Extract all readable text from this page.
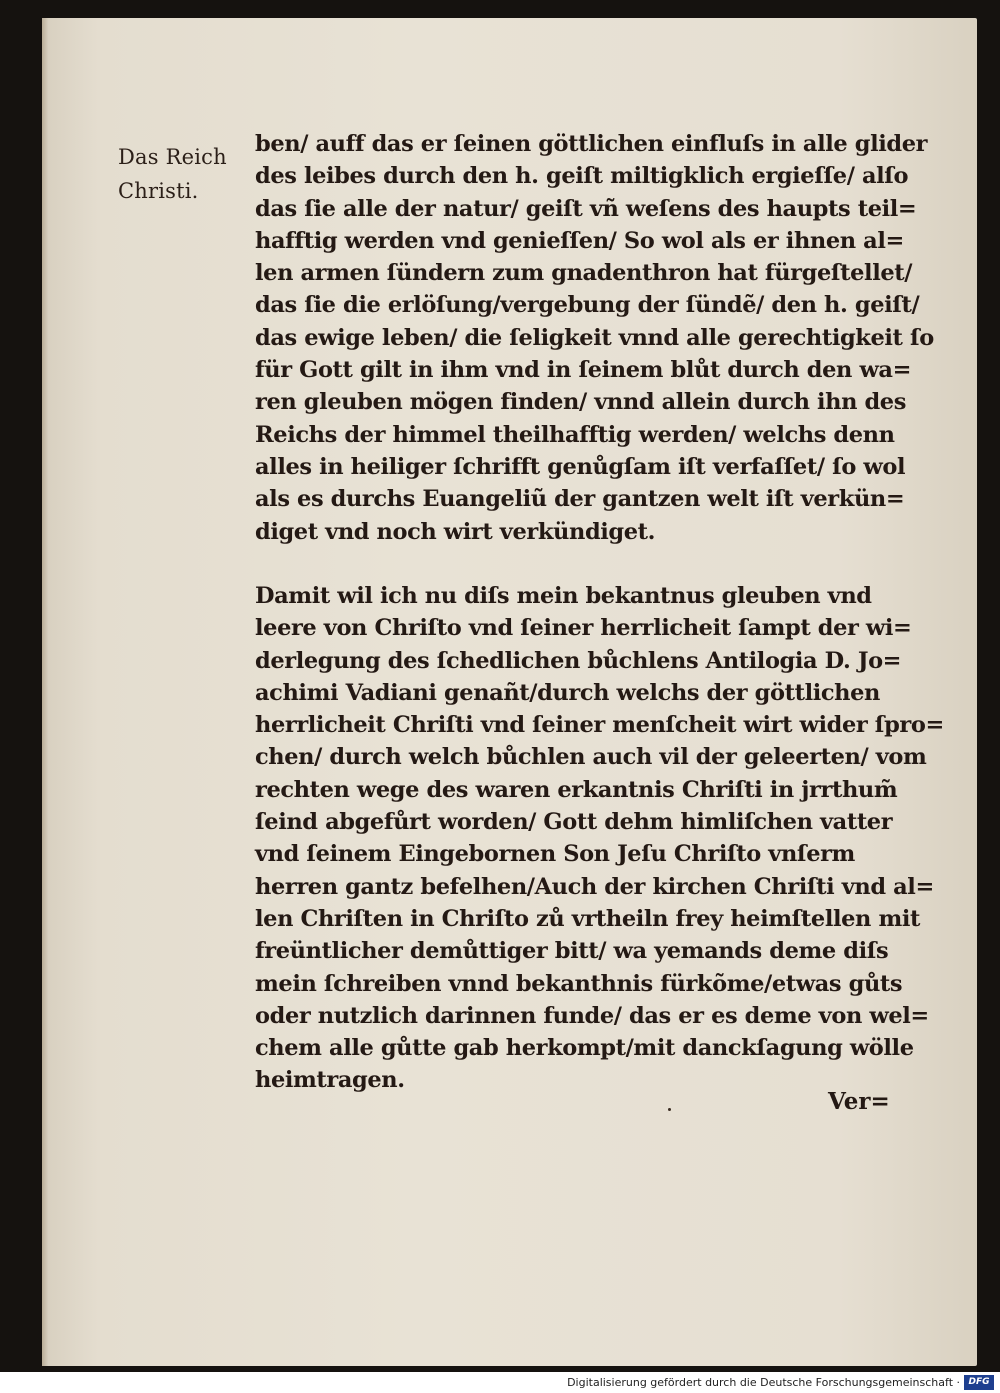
Das Reich
Christi.
ben/ auff das er ſeinen göttlichen einfluſs in alle glider
des leibes durch den h. geiſt miltigklich ergieſſe/ alſo
das ſie alle der natur/ geiſt vñ weſens des haupts teil=
hafftig werden vnd genieſſen/ So wol als er ihnen al=
len armen ſündern zum gnadenthron hat fürgeſtellet/
das ſie die erlöſung/vergebung der ſündẽ/ den h. geiſt/
das ewige leben/ die ſeligkeit vnnd alle gerechtigkeit ſo
für Gott gilt in ihm vnd in ſeinem blůt durch den wa=
ren gleuben mögen finden/ vnnd allein durch ihn des
Reichs der himmel theilhafftig werden/ welchs denn
alles in heiliger ſchrifft genůgſam iſt verfaſſet/ ſo wol
als es durchs Euangeliũ der gantzen welt iſt verkün=
diget vnd noch wirt verkündiget.
Damit wil ich nu diſs mein bekantnus gleuben vnd
leere von Chriſto vnd ſeiner herrlicheit ſampt der wi=
derlegung des ſchedlichen bůchlens Antilogia D. Jo=
achimi Vadiani genañt/durch welchs der göttlichen
herrlicheit Chriſti vnd ſeiner menſcheit wirt wider ſpro=
chen/ durch welch bůchlen auch vil der geleerten/ vom
rechten wege des waren erkantnis Chriſti in jrrthum̃
ſeind abgefůrt worden/ Gott dehm himliſchen vatter
vnd ſeinem Eingebornen Son Jeſu Chriſto vnſerm
herren gantz befelhen/Auch der kirchen Chriſti vnd al=
len Chriſten in Chriſto zů vrtheiln frey heimſtellen mit
freüntlicher demůttiger bitt/ wa yemands deme diſs
mein ſchreiben vnnd bekanthnis fürkõme/etwas gůts
oder nutzlich darinnen funde/ das er es deme von wel=
chem alle gůtte gab herkompt/mit danckſagung wölle
heimtragen.
Ver=
Digitalisierung gefördert durch die Deutsche Forschungsgemeinschaft · DFG
